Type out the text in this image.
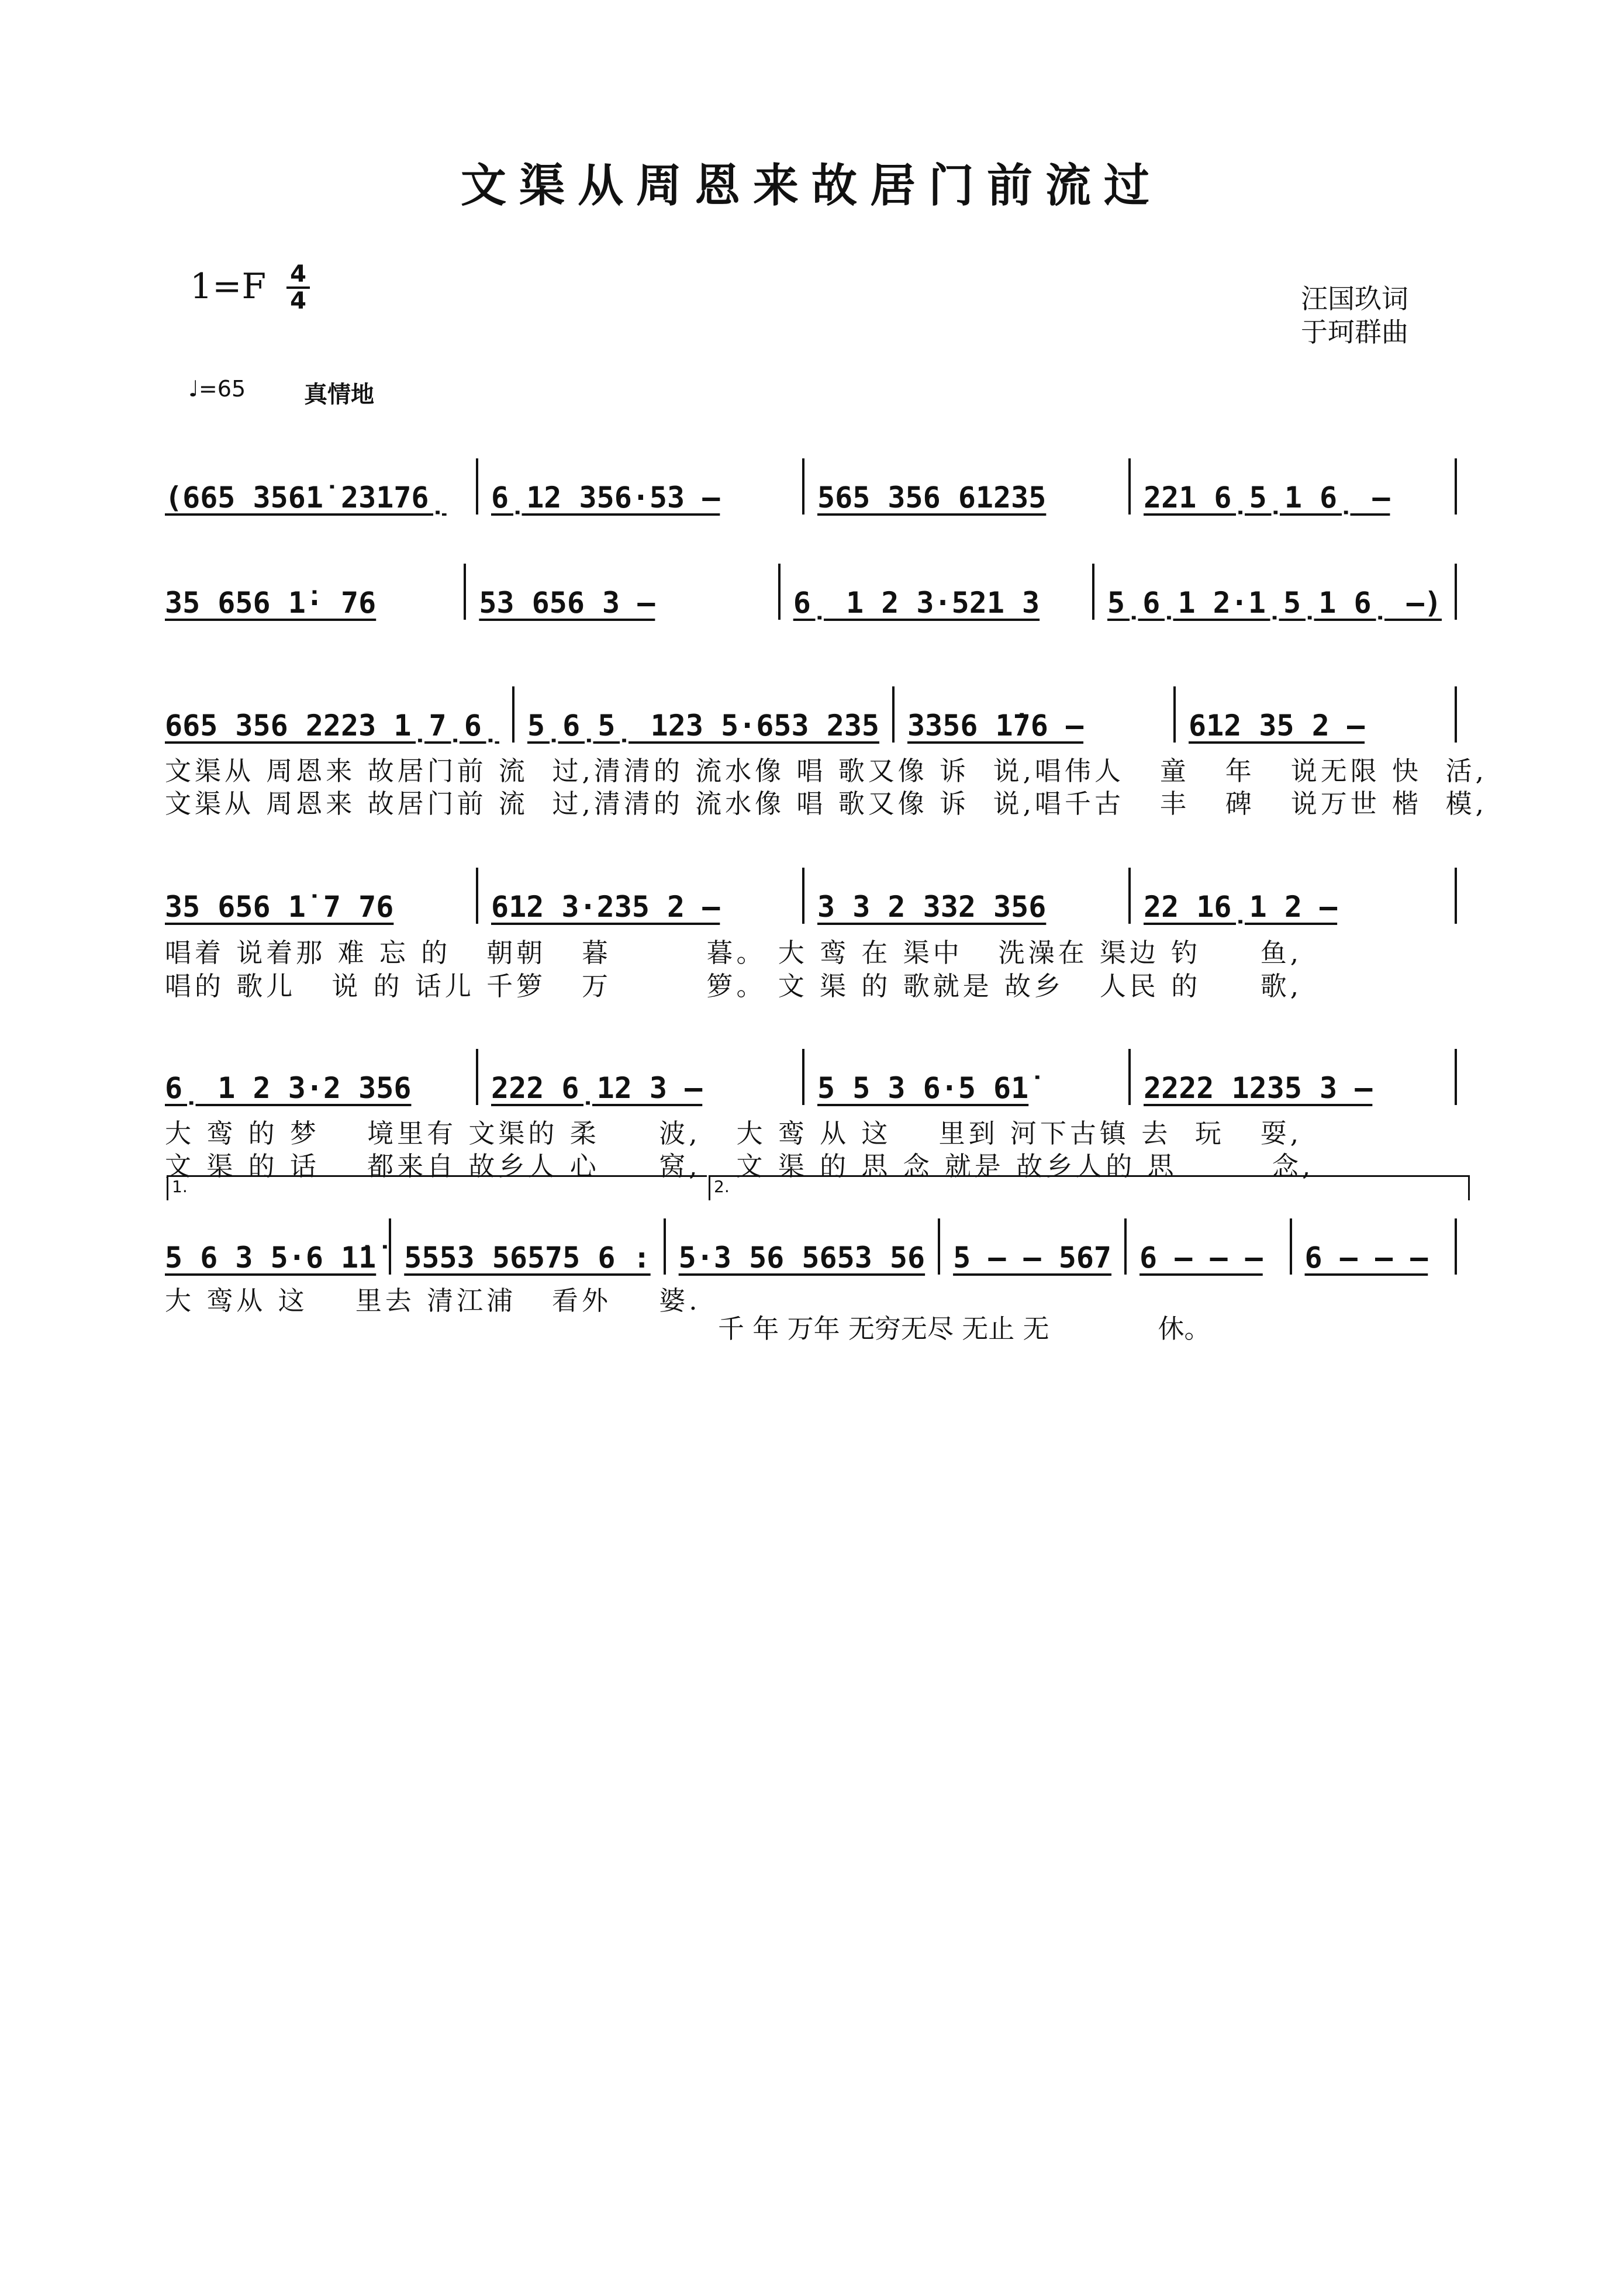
文渠从周恩来故居门前流过
1=F 4
4	汪国玖词
于珂群曲
♩=65 真情地
(665 3561̇ 23176̣	6̣12 356·53 –	565 356 61235	221 6̣5̣1 6̣ –
35 656 1̇· 76	53 656 3 –	6̣ 1 2 3·521 3	5̣6̣1 2·1̣5̣1 6̣ –)
665 356 2223 1̣7̣6̣ 5̣6̣5̣ 123 5·653 235 3356 1̇76 –	612 35 2 –
文渠从 周恩来 故居门前 流  过,清清的 流水像 唱 歌又像 诉  说,唱伟人   童   年   说无限 快  活,
文渠从 周恩来 故居门前 流  过,清清的 流水像 唱 歌又像 诉  说,唱千古   丰   碑   说万世 楷  模,
35 656 1̇ 7 76	612 3·235 2 –	3 3 2 332 356	22 16̣1 2 –
唱着 说着那 难 忘 的   朝朝   暮        暮。 大 鸾 在 渠中   洗澡在 渠边 钓     鱼,
唱的 歌儿   说 的 话儿 千箩   万        箩。 文 渠 的 歌就是 故乡   人民 的     歌,
6̣ 1 2 3·2 356	222 6̣12 3 –	5 5 3 6·5 61̇	2222 1235 3 –
大 鸾 的 梦    境里有 文渠的 柔     波,   大 鸾 从 这    里到 河下古镇 去  玩   耍,
文 渠 的 话    都来自 故乡人 心     窝,   文 渠 的 思 念 就是 故乡人的 思        念,
1.	2.
5 6 3 5·6 1̇1̇ 5553 56575 6 : 5·3 56 5653 56 5 – – 567 6 – – –	6 – – –
大 鸾从 这    里去 清江浦   看外    婆.
千 年 万年 无穷无尽 无止 无             休。
